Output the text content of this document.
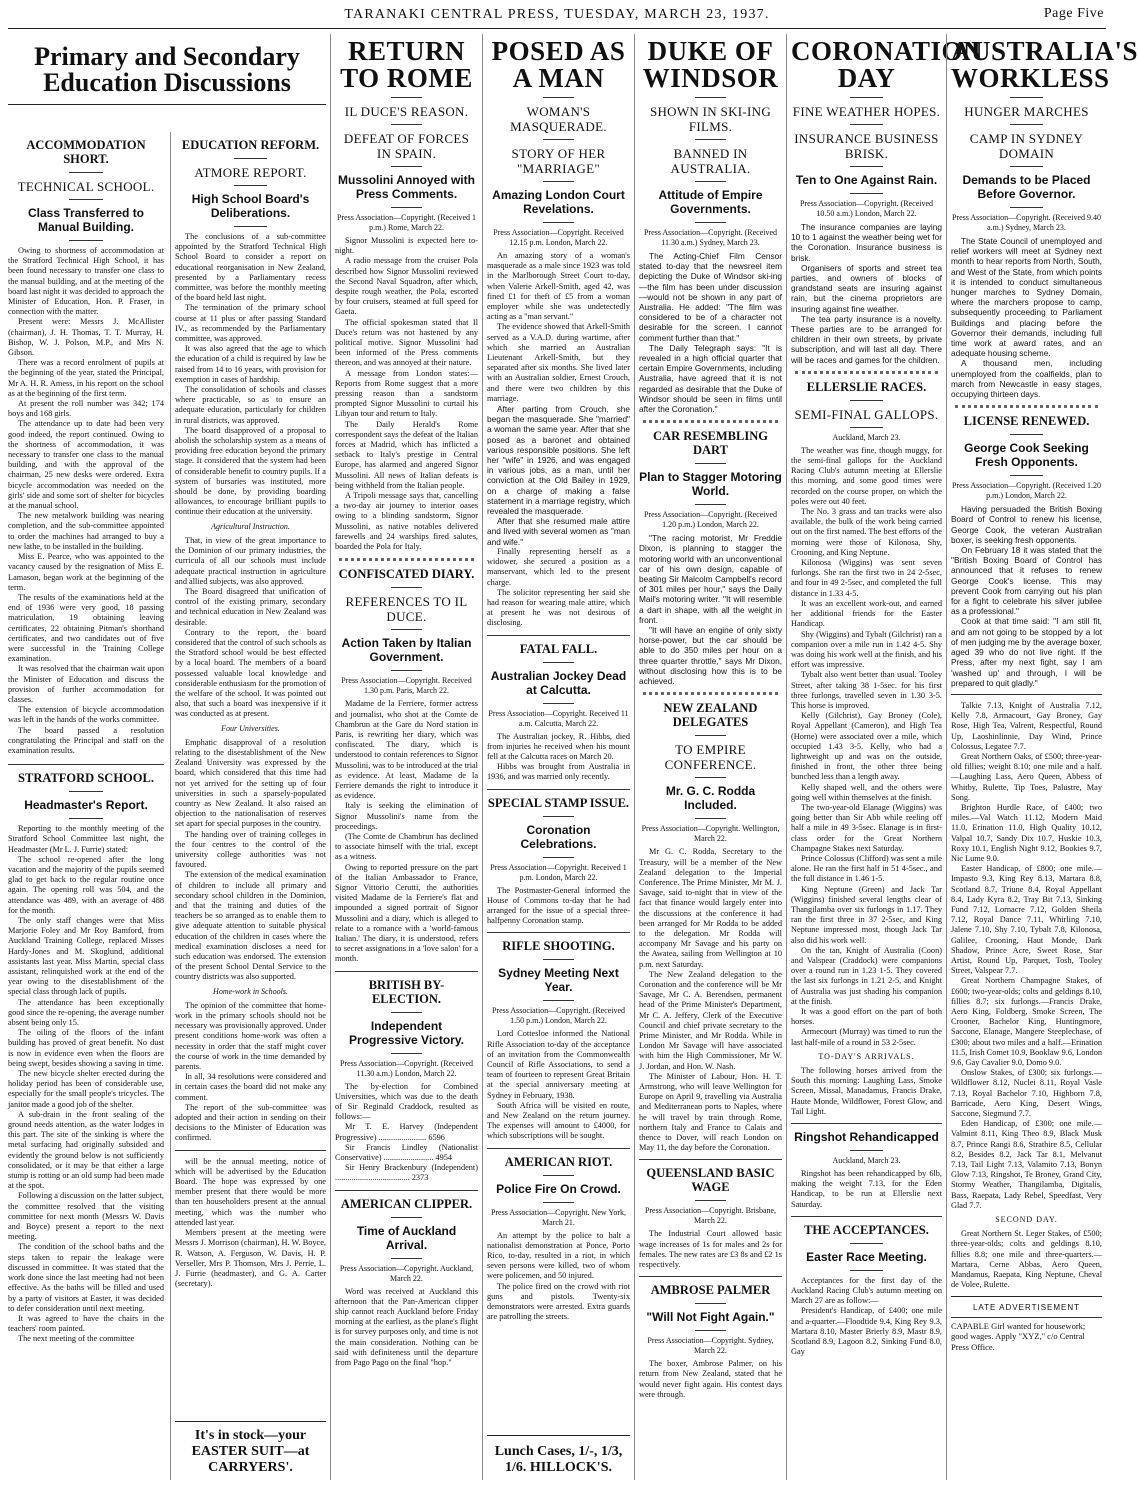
TARANAKI CENTRAL PRESS, TUESDAY, MARCH 23, 1937.	Page Five
Primary and Secondary Education Discussions
ACCOMMODATION SHORT.
TECHNICAL SCHOOL.
Class Transferred to Manual Building.

Owing to shortness of accommodation at the Stratford Technical High School, it has been found necessary to transfer one class to the manual building, and at the meeting of the board last night it was decided to approach the Minister of Education, Hon. P. Fraser, in connection with the matter.

Present were: Messrs J. McAllister (chairman), J. H. Thomas, T. T. Murray, H. Bishop, W. J. Polson, M.P., and Mrs N. Gibson.

There was a record enrolment of pupils at the beginning of the year, stated the Principal, Mr A. H. R. Amess, in his report on the school as at the beginning of the first term.

At present the roll number was 342; 174 boys and 168 girls.

The attendance up to date had been very good indeed, the report continued. Owing to the shortness of accommodation, it was necessary to transfer one class to the manual building, and with the approval of the chairman, 25 new desks were ordered. Extra bicycle accommodation was needed on the girls' side and some sort of shelter for bicycles at the manual school.

The new metalwork building was nearing completion, and the sub-committee appointed to order the machines had arranged to buy a new lathe, to be installed in the building.

Miss E. Pearce, who was appointed to the vacancy caused by the resignation of Miss E. Lamason, began work at the beginning of the term.

The results of the examinations held at the end of 1936 were very good, 18 passing matriculation, 19 obtaining leaving certificates, 22 obtaining Pitman's shorthand certificates, and two candidates out of five were successful in the Training College examination.

It was resolved that the chairman wait upon the Minister of Education and discuss the provision of further accommodation for classes.

The extension of bicycle accommodation was left in the hands of the works committee.

The board passed a resolution congratulating the Principal and staff on the examination results.

STRATFORD SCHOOL.
Headmaster's Report.

Reporting to the monthly meeting of the Stratford School Committee last night, the Headmaster (Mr L. J. Furrie) stated:

The school re-opened after the long vacation and the majority of the pupils seemed glad to get back to the regular routine once again. The opening roll was 504, and the attendance was 489, with an average of 488 for the month.

The only staff changes were that Miss Marjorie Foley and Mr Roy Bamford, from Auckland Training College, replaced Misses Hardy-Jones and M. Skoglund, additional assistants last year. Miss Martin, special class assistant, relinquished work at the end of the year owing to the disestablishment of the special class through lack of pupils.

The attendance has been exceptionally good since the re-opening, the average number absent being only 15.

The oiling of the floors of the infant building has proved of great benefit. No dust is now in evidence even when the floors are being swept, besides showing a saving in time.

The new bicycle shelter erected during the holiday period has been of considerable use, especially for the small people's tricycles. The janitor made a good job of the shelter.

A sub-drain in the front sealing of the ground needs attention, as the water lodges in this part. The site of the sinking is where the metal surfacing had originally subsided and evidently the ground below is not sufficiently consolidated, or it may be that either a large stump is rotting or an old sump had been made at the spot.

Following a discussion on the latter subject, the committee resolved that the visiting committee for next month (Messrs W. Davis and Boyce) present a report to the next meeting.

The condition of the school baths and the steps taken to repair the leakage were discussed in committee. It was stated that the work done since the last meeting had not been effective. As the baths will be filled and used by a party of visitors at Easter, it was decided to defer consideration until next meeting.

It was agreed to have the chairs in the teachers' room painted.

The next meeting of the committee

EDUCATION REFORM.
ATMORE REPORT.
High School Board's Deliberations.

The conclusions of a sub-committee appointed by the Stratford Technical High School Board to consider a report on educational reorganisation in New Zealand, presented by a Parliamentary recess committee, was before the monthly meeting of the board held last night.

The termination of the primary school course at 11 plus or after passing Standard IV., as recommended by the Parliamentary committee, was approved.

It was also agreed that the age to which the education of a child is required by law be raised from 14 to 16 years, with provision for exemption in cases of hardship.

The consolidation of schools and classes where practicable, so as to ensure an adequate education, particularly for children in rural districts, was approved.

The board disapproved of a proposal to abolish the scholarship system as a means of providing free education beyond the primary stage. It considered that the system had been of considerable benefit to country pupils. If a system of bursaries was instituted, more should be done, by providing boarding allowances, to encourage brilliant pupils to continue their education at the university.

Agricultural Instruction.

That, in view of the great importance to the Dominion of our primary industries, the curricula of all our schools must include adequate practical instruction in agriculture and allied subjects, was also approved.

The Board disagreed that unification of control of the existing primary, secondary and technical education in New Zealand was desirable.

Contrary to the report, the board considered that the control of such schools as the Stratford school would be best effected by a local board. The members of a board possessed valuable local knowledge and considerable enthusiasm for the promotion of the welfare of the school. It was pointed out also, that such a board was inexpensive if it was conducted as at present.

Four Universities.

Emphatic disapproval of a resolution relating to the disestablishment of the New Zealand University was expressed by the board, which considered that this time had not yet arrived for the setting up of four universities in such a sparsely-populated country as New Zealand. It also raised an objection to the nationalisation of reserves set apart for special purposes in the country.

The handing over of training colleges in the four centres to the control of the university college authorities was not favoured.

The extension of the medical examination of children to include all primary and secondary school children in the Dominion, and that the training and duties of the teachers be so arranged as to enable them to give adequate attention to suitable physical education of the children in cases where the medical examination discloses a need for such education was endorsed. The extension of the present School Dental Service to the country districts was also supported.

Home-work in Schools.

The opinion of the committee that home-work in the primary schools should not be necessary was provisionally approved. Under present conditions home-work was often a necessity in order that the staff might cover the course of work in the time demanded by parents.

In all, 34 resolutions were considered and in certain cases the board did not make any comment.

The report of the sub-committee was adopted and their action in sending on their decisions to the Minister of Education was confirmed.

will be the annual meeting, notice of which will be advertised by the Education Board. The hope was expressed by one member present that there would be more than ten householders present at the annual meeting, which was the number who attended last year.

Members present at the meeting were Messrs J. Morrison (chairman), H. W. Boyce, R. Watson, A. Ferguson, W. Davis, H. P. Verseller, Mrs P. Thomson, Mrs J. Perrie, L. J. Furrie (headmaster), and G. A. Carter (secretary).

It's in stock—your EASTER SUIT—at CARRYERS'.
RETURN TO ROME
IL DUCE'S REASON.
DEFEAT OF FORCES IN SPAIN.
Mussolini Annoyed with Press Comments.
Press Association—Copyright. (Received 1 p.m.) Rome, March 22.

Signor Mussolini is expected here to-night.

A radio message from the cruiser Pola described how Signor Mussolini reviewed the Second Naval Squadron, after which, despite rough weather, the Pola, escorted by four cruisers, steamed at full speed for Gaeta.

The official spokesman stated that Il Duce's return was not hastened by any political motive. Signor Mussolini had been informed of the Press comments thereon, and was annoyed at their nature.

A message from London states:—Reports from Rome suggest that a more pressing reason than a sandstorm prompted Signor Mussolini to curtail his Libyan tour and return to Italy.

The Daily Herald's Rome correspondent says the defeat of the Italian forces at Madrid, which has inflicted a setback to Italy's prestige in Central Europe, has alarmed and angered Signor Mussolini. All news of Italian defeats is being withheld from the Italian people.

A Tripoli message says that, cancelling a two-day air journey to interior oases owing to a blinding sandstorm, Signor Mussolini, as native notables delivered farewells and 24 warships fired salutes, boarded the Pola for Italy.

CONFISCATED DIARY.
REFERENCES TO IL DUCE.
Action Taken by Italian Government.
Press Association—Copyright. Received 1.30 p.m. Paris, March 22.

Madame de la Ferriere, former actress and journalist, who shot at the Comte de Chambrun at the Gare du Nord station in Paris, is rewriting her diary, which was confiscated. The diary, which is understood to contain references to Signor Mussolini, was to be introduced at the trial as evidence. At least, Madame de la Ferriere demands the right to introduce it as evidence.

Italy is seeking the elimination of Signor Mussolini's name from the proceedings.

(The Comte de Chambrun has declined to associate himself with the trial, except as a witness.

Owing to reported pressure on the part of the Italian Ambassador to France, Signor Vittorio Cerutti, the authorities visited Madame de la Ferriere's flat and impounded a signed portrait of Signor Mussolini and a diary, which is alleged to relate to a romance with a 'world-famous Italian.' The diary, it is understood, refers to secret assignations in a 'love salon' for a month.

BRITISH BY-ELECTION.
Independent Progressive Victory.
Press Association—Copyright. (Received 11.30 a.m.) London, March 22.

The by-election for Combined Universities, which was due to the death of Sir Reginald Craddock, resulted as follows:—

Mr T. E. Harvey (Independent Progressive) ....................... 6596

Sir Francis Lindley (Nationalist Conservative) ........................ 4954

Sir Henry Brackenbury (Independent) .................................... 2373

AMERICAN CLIPPER.
Time of Auckland Arrival.
Press Association—Copyright. Auckland, March 22.

Word was received at Auckland this afternoon that the Pan-American clipper ship cannot reach Auckland before Friday morning at the earliest, as the plane's flight is for survey purposes only, and time is not the main consideration. Nothing can be said with definiteness until the departure from Pago Pago on the final "hop."

POSED AS A MAN
WOMAN'S MASQUERADE.
STORY OF HER "MARRIAGE"
Amazing London Court Revelations.
Press Association—Copyright. Received 12.15 p.m. London, March 22.

An amazing story of a woman's masquerade as a male since 1923 was told in the Marlborough Street Court to-day, when Valerie Arkell-Smith, aged 42, was fined £1 for theft of £5 from a woman employer while she was undetectedly acting as a "man servant."

The evidence showed that Arkell-Smith served as a V.A.D. during wartime, after which she married an Australian Lieutenant Arkell-Smith, but they separated after six months. She lived later with an Australian soldier, Ernest Crouch, and there were two children by this marriage.

After parting from Crouch, she began the masquerade. She "married" a woman the same year. After that she posed as a baronet and obtained various responsible positions. She left her "wife" in 1926, and was engaged in various jobs, as a man, until her conviction at the Old Bailey in 1929, on a charge of making a false statement in a marriage registry, which revealed the masquerade.

After that she resumed male attire and lived with several women as "man and wife."

Finally representing herself as a widower, she secured a position as a manservant, which led to the present charge.

The solicitor representing her said she had reason for wearing male attire, which at present he was not desirous of disclosing.

FATAL FALL.
Australian Jockey Dead at Calcutta.
Press Association—Copyright. Received 11 a.m. Calcutta, March 22.

The Australian jockey, R. Hibbs, died from injuries he received when his mount fell at the Calcutta races on March 20.

Hibbs was brought from Australia in 1936, and was married only recently.

SPECIAL STAMP ISSUE.
Coronation Celebrations.
Press Association—Copyright. Received 1 p.m. London, March 22.

The Postmaster-General informed the House of Commons to-day that he had arranged for the issue of a special three-halfpenny Coronation stamp.

RIFLE SHOOTING.
Sydney Meeting Next Year.
Press Association—Copyright. (Received 1.50 p.m.) London, March 22.

Lord Cottesloe informed the National Rifle Association to-day of the acceptance of an invitation from the Commonwealth Council of Rifle Associations, to send a team of fourteen to represent Great Britain at the special anniversary meeting at Sydney in February, 1938.

South Africa will be visited en route, and New Zealand on the return journey. The expenses will amount to £4000, for which subscriptions will be sought.

AMERICAN RIOT.
Police Fire On Crowd.
Press Association—Copyright. New York, March 21.

An attempt by the police to halt a nationalist demonstration at Ponce, Porto Rico, to-day, resulted in a riot, in which seven persons were killed, two of whom were policemen, and 50 injured.

The police fired on the crowd with riot guns and pistols. Twenty-six demonstrators were arrested. Extra guards are patrolling the streets.

Lunch Cases, 1/-, 1/3, 1/6. HILLOCK'S.
DUKE OF WINDSOR
SHOWN IN SKI-ING FILMS.
BANNED IN AUSTRALIA.
Attitude of Empire Governments.
Press Association—Copyright. (Received 11.30 a.m.) Sydney, March 23.

The Acting-Chief Film Censor stated to-day that the newsreel item depicting the Duke of Windsor ski-ing—the film has been under discussion—would not be shown in any part of Australia. He added: "The film was considered to be of a character not desirable for the screen. I cannot comment further than that."

The Daily Telegraph says: "It is revealed in a high official quarter that certain Empire Governments, including Australia, have agreed that it is not regarded as desirable that the Duke of Windsor should be seen in films until after the Coronation."

CAR RESEMBLING DART
Plan to Stagger Motoring World.
Press Association—Copyright. (Received 1.20 p.m.) London, March 22.

"The racing motorist, Mr Freddie Dixon, is planning to stagger the motoring world with an unconventional car of his own design, capable of beating Sir Malcolm Campbell's record of 301 miles per hour," says the Daily Mail's motoring writer. "It will resemble a dart in shape, with all the weight in front.

"It will have an engine of only sixty horse-power, but the car should be able to do 350 miles per hour on a three quarter throttle," says Mr Dixon, without disclosing how this is to be achieved.

NEW ZEALAND DELEGATES
TO EMPIRE CONFERENCE.
Mr. G. C. Rodda Included.
Press Association—Copyright. Wellington, March 22.

Mr G. C. Rodda, Secretary to the Treasury, will be a member of the New Zealand delegation to the Imperial Conference. The Prime Minister, Mr M. J. Savage, said to-night that in view of the fact that finance would largely enter into the discussions at the conference it had been arranged for Mr Rodda to be added to the delegation. Mr Rodda will accompany Mr Savage and his party on the Awatea, sailing from Wellington at 10 p.m. next Saturday.

The New Zealand delegation to the Coronation and the conference will be Mr Savage, Mr C. A. Berendsen, permanent head of the Prime Minister's Department, Mr C. A. Jeffery, Clerk of the Executive Council and chief private secretary to the Prime Minister, and Mr Rodda. While in London Mr Savage will have associated with him the High Commissioner, Mr W. J. Jordan, and Hon. W. Nash.

The Minister of Labour, Hon. H. T. Armstrong, who will leave Wellington for Europe on April 9, travelling via Australia and Mediterranean ports to Naples, where he will travel by train through Rome, northern Italy and France to Calais and thence to Dover, will reach London on May 11, the day before the Coronation.

QUEENSLAND BASIC WAGE
Press Association—Copyright. Brisbane, March 22.

The Industrial Court allowed basic wage increases of 1s for males and 2s for females. The new rates are £3 8s and £2 1s respectively.

AMBROSE PALMER
"Will Not Fight Again."
Press Association—Copyright. Sydney, March 22.

The boxer, Ambrose Palmer, on his return from New Zealand, stated that he would never fight again. His contest days were through.

CORONATION DAY
FINE WEATHER HOPES.
INSURANCE BUSINESS BRISK.
Ten to One Against Rain.
Press Association—Copyright. (Received 10.50 a.m.) London, March 22.

The insurance companies are laying 10 to 1 against the weather being wet for the Coronation. Insurance business is brisk.

Organisers of sports and street tea parties, and owners of blocks of grandstand seats are insuring against rain, but the cinema proprietors are insuring against fine weather.

The tea party insurance is a novelty. These parties are to be arranged for children in their own streets, by private subscription, and will last all day. There will be races and games for the children.

ELLERSLIE RACES.
SEMI-FINAL GALLOPS.
Auckland, March 23.

The weather was fine, though muggy, for the semi-final gallops for the Auckland Racing Club's autumn meeting at Ellerslie this morning, and some good times were recorded on the course proper, on which the poles were out 40 feet.

The No. 3 grass and tan tracks were also available, the bulk of the work being carried out on the first named. The best efforts of the morning were those of Kilonosa, Shy, Crooning, and King Neptune.

Kilonosa (Wiggins) was sent seven furlongs. She ran the first two in 24 2-5sec, and four in 49 2-5sec, and completed the full distance in 1.33 4-5.

It was an excellent work-out, and earned her additional friends for the Easter Handicap.

Shy (Wiggins) and Tybalt (Gilchrist) ran a companion over a mile run in 1.42 4-5. Shy was doing his work well at the finish, and his effort was impressive.

Tybalt also went better than usual. Tooley Street, after taking 38 1-5sec. for his first three furlongs, travelled seven in 1.30 3-5. This horse is improved.

Kelly (Gilchrist), Gay Broney (Cole), Royal Appellant (Cameron), and High Tea (Horne) were associated over a mile, which occupied 1.43 3-5. Kelly, who had a lightweight up and was on the outside, finished in front, the other three being bunched less than a length away.

Kelly shaped well, and the others were going well within themselves at the finish.

The two-year-old Elanage (Wiggins) was going better than Sir Abb while reeling off half a mile in 49 3-5sec. Elanage is in first-class order for the Great Northern Champagne Stakes next Saturday.

Prince Colossus (Clifford) was sent a mile alone. He ran the first half in 51 4-5sec., and the full distance in 1.46 1-5.

King Neptune (Green) and Jack Tar (Wiggins) finished several lengths clear of Thangilamba over six furlongs in 1.17. They ran the first three in 37 2-5sec, and King Neptune impressed most, though Jack Tar also did his work well.

On the tan, Knight of Australia (Coon) and Valspear (Craddock) were companions over a round run in 1.23 1-5. They covered the last six furlongs in 1.21 2-5, and Knight of Australia was just shading his companion at the finish.

It was a good effort on the part of both horses.

Armecourt (Murray) was timed to run the last half-mile of a round in 53 2-5sec.

TO-DAY'S ARRIVALS.

The following horses arrived from the South this morning: Laughing Lass, Smoke Screen, Missal, Manadamus, Francis Drake, Haute Monde, Wildflower, Forest Glow, and Tail Light.

Ringshot Rehandicapped
Auckland, March 23.

Ringshot has been rehandicapped by 6lb, making the weight 7.13, for the Eden Handicap, to be run at Ellerslie next Saturday.

THE ACCEPTANCES.
Easter Race Meeting.

Acceptances for the first day of the Auckland Racing Club's autumn meeting on March 27 are as follow:—

President's Handicap, of £400; one mile and a-quarter.—Floodtide 9.4, King Rey 9.3, Martara 8.10, Master Brierly 8.9, Mastr 8.9, Scotland 8.9, Lagoon 8.2, Sinking Fund 8.0, Gay

AUSTRALIA'S WORKLESS
HUNGER MARCHES
CAMP IN SYDNEY DOMAIN
Demands to be Placed Before Governor.
Press Association—Copyright. (Received 9.40 a.m.) Sydney, March 23.

The State Council of unemployed and relief workers will meet at Sydney next month to hear reports from North, South, and West of the State, from which points it is intended to conduct simultaneous hunger marches to Sydney Domain, where the marchers propose to camp, subsequently proceeding to Parliament Buildings and placing before the Governor their demands, including full time work at award rates, and an adequate housing scheme.

A thousand men, including unemployed from the coalfields, plan to march from Newcastle in easy stages, occupying thirteen days.

LICENSE RENEWED.
George Cook Seeking Fresh Opponents.
Press Association—Copyright. (Received 1.20 p.m.) London, March 22.

Having persuaded the British Boxing Board of Control to renew his license, George Cook, the veteran Australian boxer, is seeking fresh opponents.

On February 18 it was stated that the "British Boxing Board of Control has announced that it refuses to renew George Cook's license. This may prevent Cook from carrying out his plan for a fight to celebrate his silver jubilee as a professional."

Cook at that time said: "I am still fit, and am not going to be stopped by a lot of men judging me by the average boxer, aged 39 who do not live right. If the Press, after my next fight, say I am 'washed up' and through, I will be prepared to quit gladly."

Talkie 7.13, Knight of Australia 7.12, Kelly 7.8, Armacourt, Gay Broney, Gay Rose, High Tea, Valrent, Respectful, Round Up, Laoshinlinnie, Day Wind, Prince Colossus, Legatee 7.7.

Great Northern Oaks, of £500; three-year-old fillies; weight 8.10; one mile and a half.—Laughing Lass, Aero Queen, Abbess of Whitby, Rulette, Tip Toes, Palustre, May Song.

Brighton Hurdle Race, of £400; two miles.—Val Watch 11.12, Modern Maid 11.0, Erination 11.0, High Quality 10.12, Valpal 10.7, Sandy Dix 10.7, Huskie 10.3, Roxy 10.1, English Night 9.12, Bookies 9.7, Nic Lume 9.0.

Easter Handicap, of £800; one mile.—Impasto 9.3, King Rey 8.13, Martara 8.8, Scotland 8.7, Triune 8.4, Royal Appellant 8.4, Lady Kyra 8.2, Tray Bit 7.13, Sinking Fund 7.12, Lornacre 7.12, Golden Sheila 7.12, Royal Dance 7.11, Whirling 7.10, Jalene 7.10, Shy 7.10, Tybalt 7.8, Kilonosa, Galilee, Crooning, Haut Monde, Dark Shadow, Prince Acre, Sweet Rose, Star Artist, Round Up, Parquet, Tosh, Tooley Street, Valspear 7.7.

Great Northern Champagne Stakes, of £600; two-year-olds; colts and geldings 8.10, fillies 8.7; six furlongs.—Francis Drake, Aero King, Foldberg, Smoke Screen, The Crooner, Bachelor King, Huntingmore, Saccone, Elanage, Mangere Steeplechase, of £300; about two miles and a half.—Erination 11.5, Irish Comet 10.9, Booklaw 9.6, London 9.6, Gay Cavalier 9.0, Domo 9.0.

Onslow Stakes, of £300; six furlongs.—Wildflower 8.12, Nuclei 8.11, Royal Vasle 7.13, Royal Bachelor 7.10, Highborn 7.8, Barricade, Aero King, Desert Wings, Saccone, Siegmund 7.7.

Eden Handicap, of £300; one mile.—Valmint 8.11, King Theo 8.9, Black Musk 8.7, Prince Rangi 8.6, Strathire 8.5, Cellular 8.2, Besides 8.2, Jack Tar 8.1, Melvanut 7.13, Tail Light 7.13, Valamito 7.13, Bonyn Glow 7.13, Ringshot, Te Broney, Grand City, Stormy Weather, Thangilamba, Digitalis, Bass, Raepata, Lady Rebel, Speedfast, Very Glad 7.7.

SECOND DAY.

Great Northern St. Leger Stakes, of £500; three-year-olds; colts and geldings 8.10, fillies 8.8; one mile and three-quarters.—Martara, Cerne Abbas, Aero Queen, Mandamus, Raepata, King Neptune, Cheval de Volee, Rulette.

LATE ADVERTISEMENT
CAPABLE Girl wanted for housework; good wages. Apply "XYZ," c/o Central Press Office.
